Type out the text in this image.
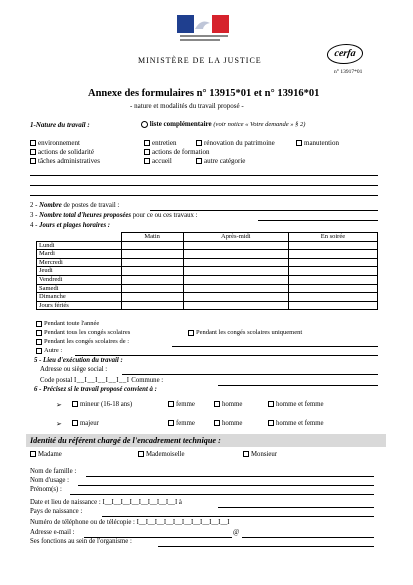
MINISTÈRE DE LA JUSTICE
cerfa
n° 13917*01
Annexe des formulaires n° 13915*01 et n° 13916*01
- nature et modalités du travail proposé -
1-Nature du travail :	liste complémentaire (voir notice « Votre demande » § 2)
environnement	entretien	rénovation du patrimoine	manutention
actions de solidarité	actions de formation
tâches administratives	accueil	autre catégorie
2 - Nombre de postes de travail :
3 - Nombre total d'heures proposées pour ce ou ces travaux :
4 - Jours et plages horaires :
	Matin	Après-midi	En soirée
Lundi			
Mardi			
Mercredi			
Jeudi			
Vendredi			
Samedi			
Dimanche			
Jours fériés			
Pendant toute l'année
Pendant tous les congés scolaires	Pendant les congés scolaires uniquement
Pendant les congés scolaires de :
Autre :
5 - Lieu d'exécution du travail :
Adresse ou siège social :
Code postal I__I__I__I__I__I Commune :
6 - Précisez si le travail proposé convient à :
➢	mineur (16-18 ans)	femme	homme	homme et femme
➢	majeur	femme	homme	homme et femme
Identité du référent chargé de l'encadrement technique :
Madame	Mademoiselle	Monsieur
Nom de famille :
Nom d'usage :
Prénom(s) :
Date et lieu de naissance : I__I__I__I__I__I__I__I__I à
Pays de naissance :
Numéro de téléphone ou de télécopie : I__I__I__I__I__I__I__I__I__I__I
Adresse e-mail :	@
Ses fonctions au sein de l'organisme :
